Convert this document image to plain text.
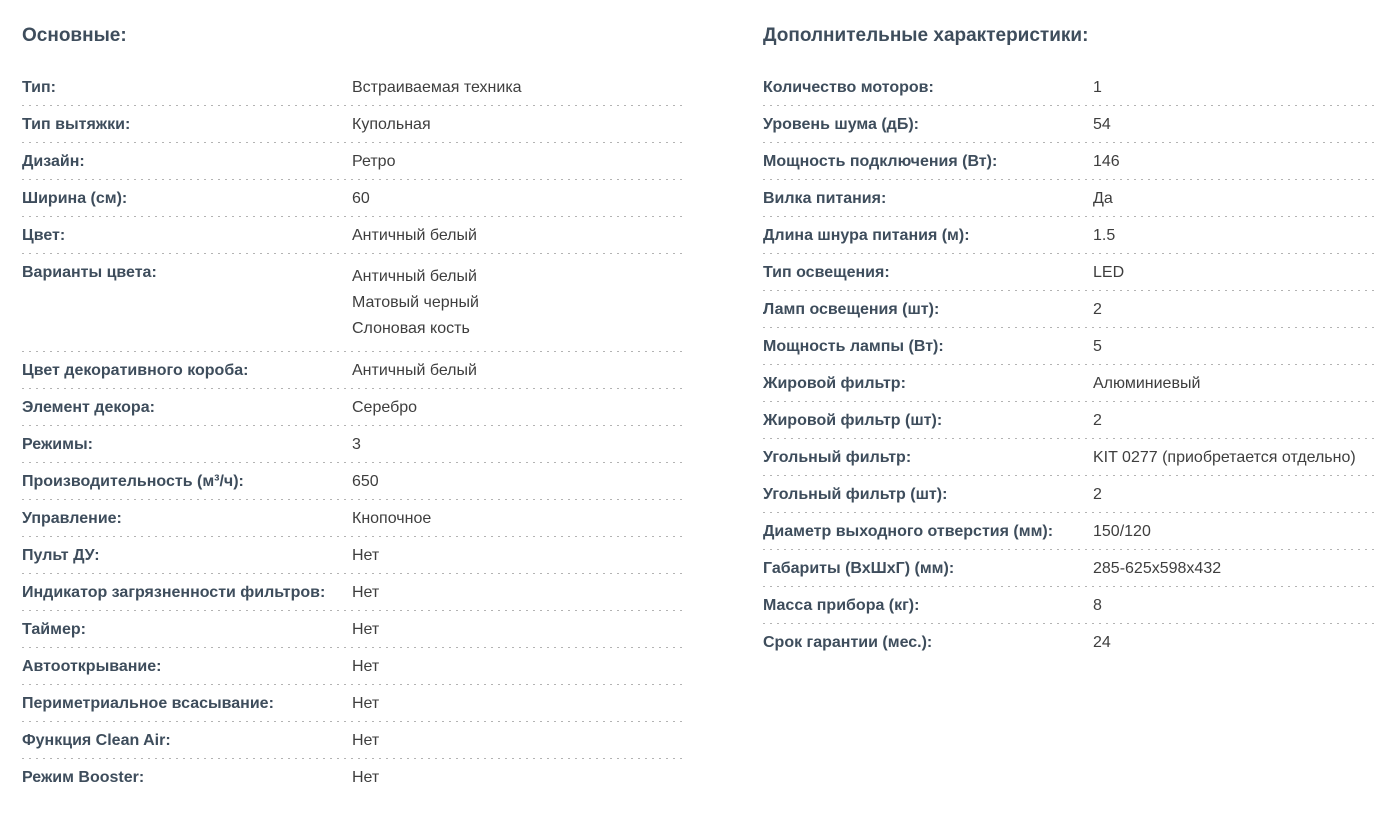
Основные:
Тип:	Встраиваемая техника
Тип вытяжки:	Купольная
Дизайн:	Ретро
Ширина (см):	60
Цвет:	Античный белый
Варианты цвета:	Античный белый
Матовый черный
Слоновая кость
Цвет декоративного короба:	Античный белый
Элемент декора:	Серебро
Режимы:	3
Производительность (м³/ч):	650
Управление:	Кнопочное
Пульт ДУ:	Нет
Индикатор загрязненности фильтров:	Нет
Таймер:	Нет
Автооткрывание:	Нет
Периметриальное всасывание:	Нет
Функция Clean Air:	Нет
Режим Booster:	Нет
Дополнительные характеристики:
Количество моторов:	1
Уровень шума (дБ):	54
Мощность подключения (Вт):	146
Вилка питания:	Да
Длина шнура питания (м):	1.5
Тип освещения:	LED
Ламп освещения (шт):	2
Мощность лампы (Вт):	5
Жировой фильтр:	Алюминиевый
Жировой фильтр (шт):	2
Угольный фильтр:	KIT 0277 (приобретается отдельно)
Угольный фильтр (шт):	2
Диаметр выходного отверстия (мм):	150/120
Габариты (ВхШхГ) (мм):	285-625x598x432
Масса прибора (кг):	8
Срок гарантии (мес.):	24
